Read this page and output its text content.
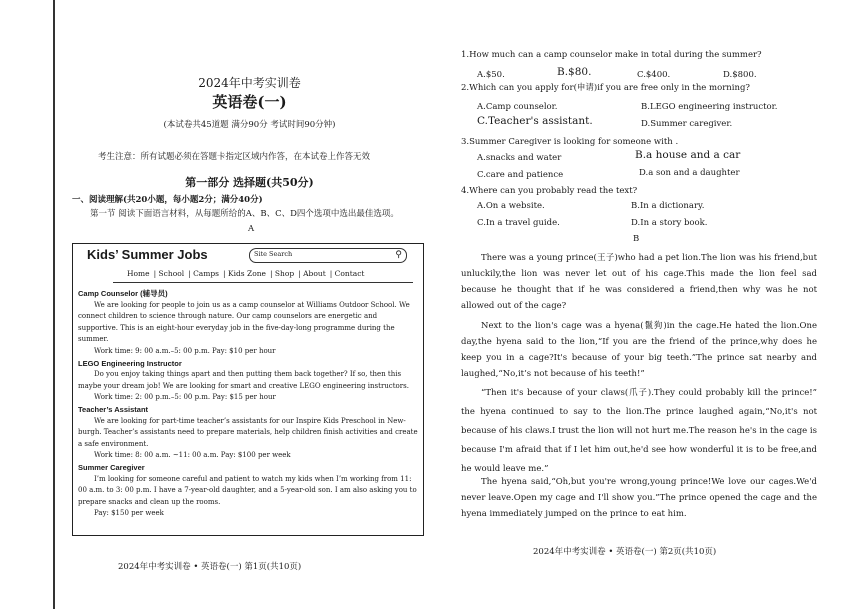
2024年中考实训卷
英语卷(一)
(本试卷共45道题 满分90分 考试时间90分钟)
考生注意：所有试题必须在答题卡指定区域内作答，在本试卷上作答无效
第一部分 选择题(共50分)
一、阅读理解(共20小题，每小题2分；满分40分)
第一节 阅读下面语言材料，从每题所给的A、B、C、D四个选项中选出最佳选项。
A
Kids’ Summer Jobs	Site Search	⚲
Home | School | Camps | Kids Zone | Shop | About | Contact
Camp Counselor (辅导员)
We are looking for people to join us as a camp counselor at Williams Outdoor School. We connect children to science through nature. Our camp counselors are energetic and supportive. This is an eight-hour everyday job in the five-day-long programme during the summer.
Work time: 9: 00 a.m.–5: 00 p.m. Pay: $10 per hour
LEGO Engineering Instructor
Do you enjoy taking things apart and then putting them back together? If so, then this maybe your dream job! We are looking for smart and creative LEGO engineering instructors.
Work time: 2: 00 p.m.–5: 00 p.m. Pay: $15 per hour
Teacher’s Assistant
We are looking for part-time teacher’s assistants for our Inspire Kids Preschool in New-burgh. Teacher’s assistants need to prepare materials, help children finish activities and create a safe environment.
Work time: 8: 00 a.m. ~11: 00 a.m. Pay: $100 per week
Summer Caregiver
I’m looking for someone careful and patient to watch my kids when I’m working from 11: 00 a.m. to 3: 00 p.m. I have a 7-year-old daughter, and a 5-year-old son. I am also asking you to prepare snacks and clean up the rooms.
Pay: $150 per week
2024年中考实训卷 • 英语卷(一) 第1页(共10页)
1.How much can a camp counselor make in total during the summer?
A.$50.	B.$80.	C.$400.	D.$800.
2.Which can you apply for(申请)if you are free only in the morning?
A.Camp counselor.	B.LEGO engineering instructor.
C.Teacher's assistant.	D.Summer caregiver.
3.Summer Caregiver is looking for someone with .
A.snacks and water	B.a house and a car
C.care and patience	D.a son and a daughter
4.Where can you probably read the text?
A.On a website.	B.In a dictionary.
C.In a travel guide.	D.In a story book.
B
There was a young prince(王子)who had a pet lion.The lion was his friend,but unluckily,the lion was never let out of his cage.This made the lion feel sad because he thought that if he was considered a friend,then why was he not allowed out of the cage?
Next to the lion's cage was a hyena(鬣狗)in the cage.He hated the lion.One day,the hyena said to the lion,“If you are the friend of the prince,why does he keep you in a cage?It's because of your big teeth.”The prince sat nearby and laughed,“No,it’s not because of his teeth!”
“Then it's because of your claws(爪子).They could probably kill the prince!” the hyena continued to say to the lion.The prince laughed again,“No,it's not because of his claws.I trust the lion will not hurt me.The reason he's in the cage is because I'm afraid that if I let him out,he'd see how wonderful it is to be free,and he would leave me.”
The hyena said,“Oh,but you're wrong,young prince!We love our cages.We'd never leave.Open my cage and I'll show you.”The prince opened the cage and the hyena immediately jumped on the prince to eat him.
2024年中考实训卷 • 英语卷(一) 第2页(共10页)
